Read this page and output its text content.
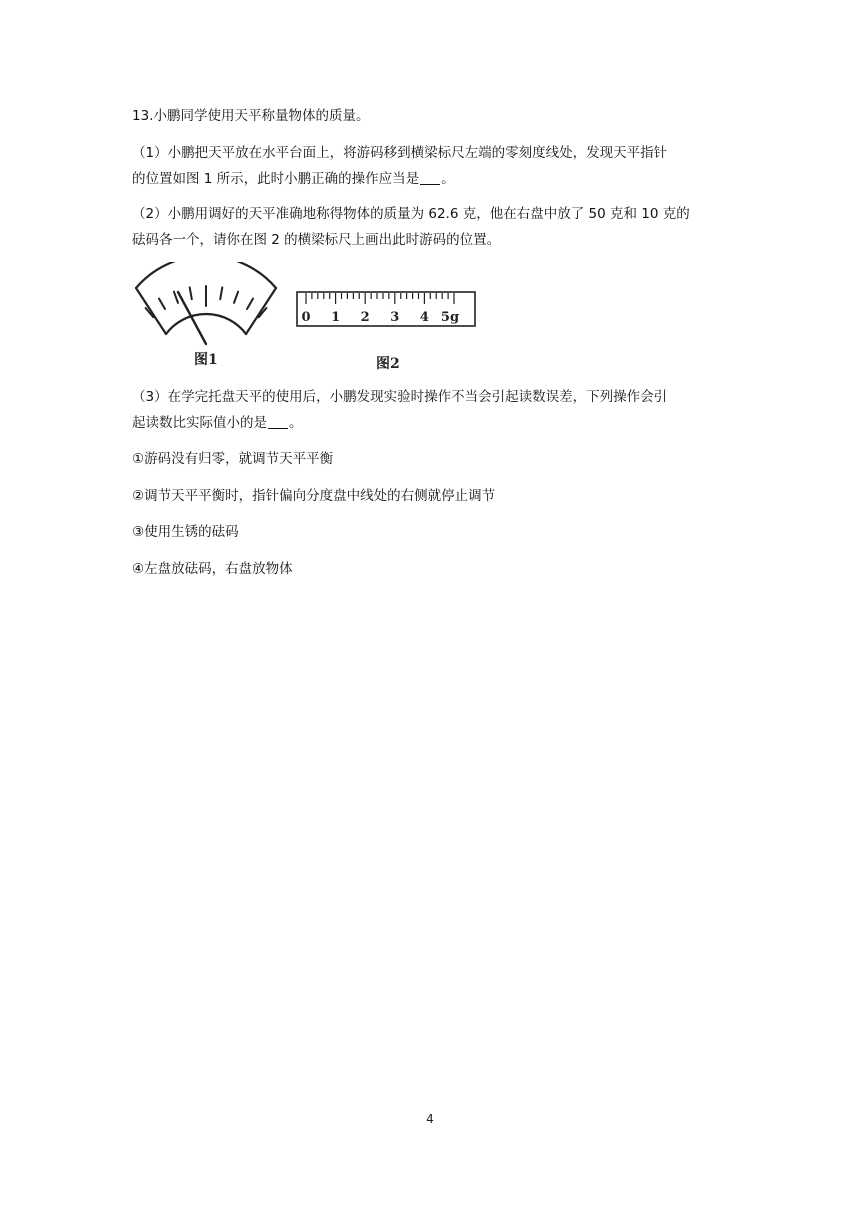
13.小鹏同学使用天平称量物体的质量。
（1）小鹏把天平放在水平台面上，将游码移到横梁标尺左端的零刻度线处，发现天平指针
的位置如图 1 所示，此时小鹏正确的操作应当是 。
（2）小鹏用调好的天平准确地称得物体的质量为 62.6 克，他在右盘中放了 50 克和 10 克的
砝码各一个，请你在图 2 的横梁标尺上画出此时游码的位置。
图1
0 1 2 3 4 5g
图2
（3）在学完托盘天平的使用后，小鹏发现实验时操作不当会引起读数误差，下列操作会引
起读数比实际值小的是 。
①游码没有归零，就调节天平平衡
②调节天平平衡时，指针偏向分度盘中线处的右侧就停止调节
③使用生锈的砝码
④左盘放砝码，右盘放物体
4
